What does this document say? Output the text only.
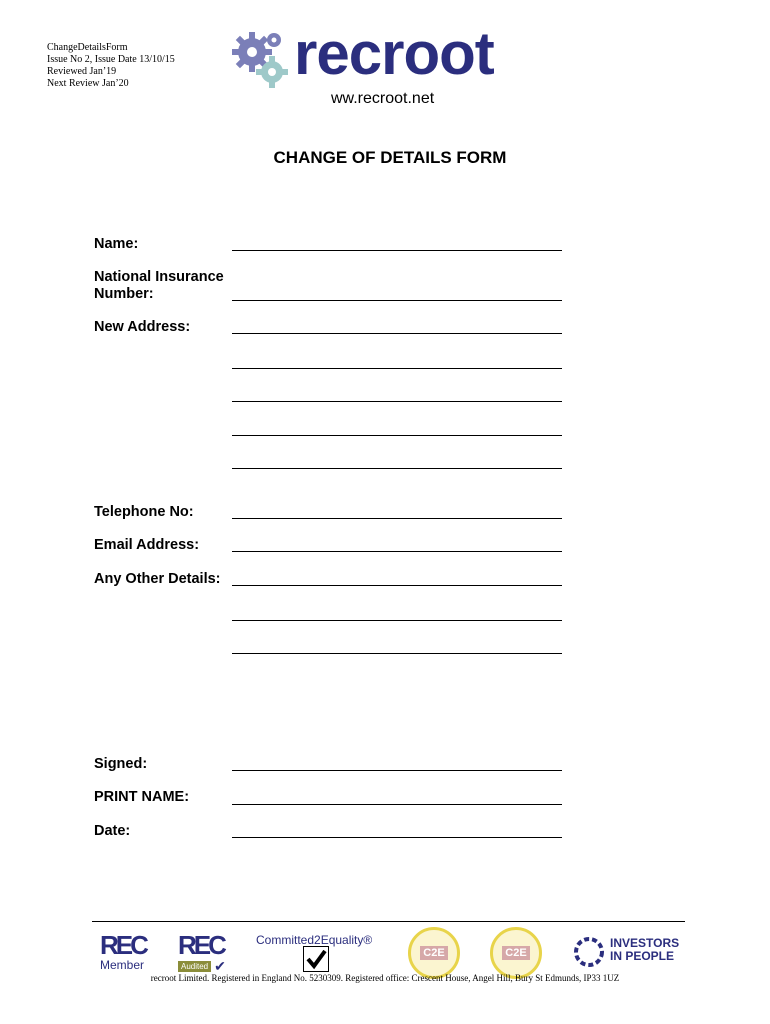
ChangeDetailsForm
Issue No 2, Issue Date 13/10/15
Reviewed Jan’19
Next Review Jan’20	recroot
ww.recroot.net
CHANGE OF DETAILS FORM
Name:
National Insurance
Number:
New Address:
Telephone No:
Email Address:
Any Other Details:
Signed:
PRINT NAME:
Date:
REC
Member
REC
Audited ✔
Committed2Equality®
C2E	C2E
INVESTORS
IN PEOPLE
recroot Limited. Registered in England No. 5230309. Registered office: Crescent House, Angel Hill, Bury St Edmunds, IP33 1UZ
